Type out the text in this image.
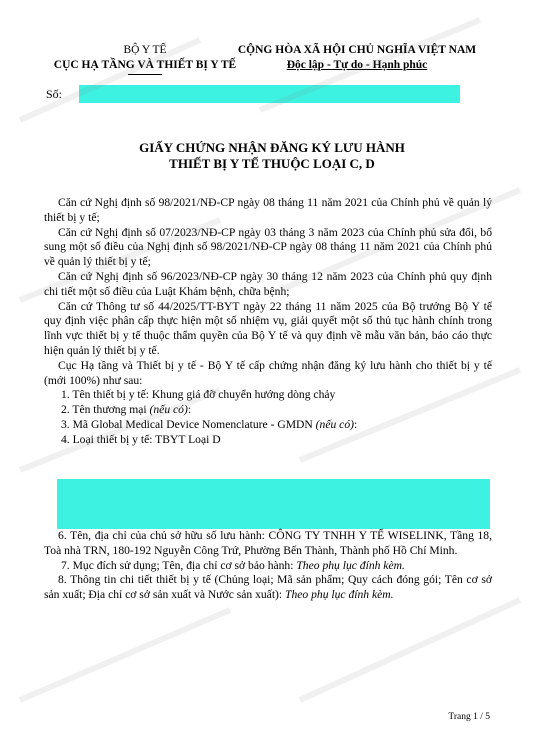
BỘ Y TẾ
CỤC HẠ TẦNG VÀ THIẾT BỊ Y TẾ
CỘNG HÒA XÃ HỘI CHỦ NGHĨA VIỆT NAM
Độc lập - Tự do - Hạnh phúc
Số:
GIẤY CHỨNG NHẬN ĐĂNG KÝ LƯU HÀNH
THIẾT BỊ Y TẾ THUỘC LOẠI C, D

Căn cứ Nghị định số 98/2021/NĐ-CP ngày 08 tháng 11 năm 2021 của Chính phủ về quản lý thiết bị y tế;

Căn cứ Nghị định số 07/2023/NĐ-CP ngày 03 tháng 3 năm 2023 của Chính phủ sửa đổi, bổ sung một số điều của Nghị định số 98/2021/NĐ-CP ngày 08 tháng 11 năm 2021 của Chính phủ về quản lý thiết bị y tế;

Căn cứ Nghị định số 96/2023/NĐ-CP ngày 30 tháng 12 năm 2023 của Chính phủ quy định chi tiết một số điều của Luật Khám bệnh, chữa bệnh;

Căn cứ Thông tư số 44/2025/TT-BYT ngày 22 tháng 11 năm 2025 của Bộ trưởng Bộ Y tế quy định việc phân cấp thực hiện một số nhiệm vụ, giải quyết một số thủ tục hành chính trong lĩnh vực thiết bị y tế thuộc thẩm quyền của Bộ Y tế và quy định về mẫu văn bản, báo cáo thực hiện quản lý thiết bị y tế.

Cục Hạ tầng và Thiết bị y tế - Bộ Y tế cấp chứng nhận đăng ký lưu hành cho thiết bị y tế (mới 100%) như sau:

1. Tên thiết bị y tế: Khung giá đỡ chuyển hướng dòng chảy

2. Tên thương mại (nếu có):

3. Mã Global Medical Device Nomenclature - GMDN (nếu có):

4. Loại thiết bị y tế: TBYT Loại D

6. Tên, địa chỉ của chủ sở hữu số lưu hành: CÔNG TY TNHH Y TẾ WISELINK, Tầng 18, Toà nhà TRN, 180-192 Nguyễn Công Trứ, Phường Bến Thành, Thành phố Hồ Chí Minh.

7. Mục đích sử dụng; Tên, địa chỉ cơ sở bảo hành: Theo phụ lục đính kèm.

8. Thông tin chi tiết thiết bị y tế (Chủng loại; Mã sản phẩm; Quy cách đóng gói; Tên cơ sở sản xuất; Địa chỉ cơ sở sản xuất và Nước sản xuất): Theo phụ lục đính kèm.

Trang 1 / 5
